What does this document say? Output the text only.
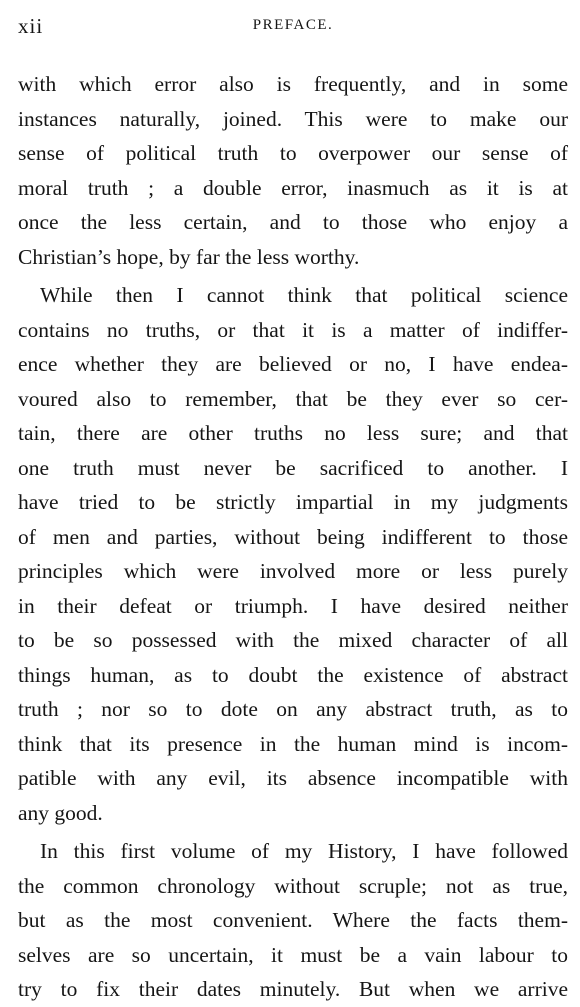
xii	PREFACE.
with which error also is frequently, and in some
instances naturally, joined. This were to make our
sense of political truth to overpower our sense of
moral truth ; a double error, inasmuch as it is at
once the less certain, and to those who enjoy a
Christian’s hope, by far the less worthy.
While then I cannot think that political science
contains no truths, or that it is a matter of indiffer-
ence whether they are believed or no, I have endea-
voured also to remember, that be they ever so cer-
tain, there are other truths no less sure; and that
one truth must never be sacrificed to another. I
have tried to be strictly impartial in my judgments
of men and parties, without being indifferent to those
principles which were involved more or less purely
in their defeat or triumph. I have desired neither
to be so possessed with the mixed character of all
things human, as to doubt the existence of abstract
truth ; nor so to dote on any abstract truth, as to
think that its presence in the human mind is incom-
patible with any evil, its absence incompatible with
any good.
In this first volume of my History, I have followed
the common chronology without scruple; not as true,
but as the most convenient. Where the facts them-
selves are so uncertain, it must be a vain labour to
try to fix their dates minutely. But when we arrive
